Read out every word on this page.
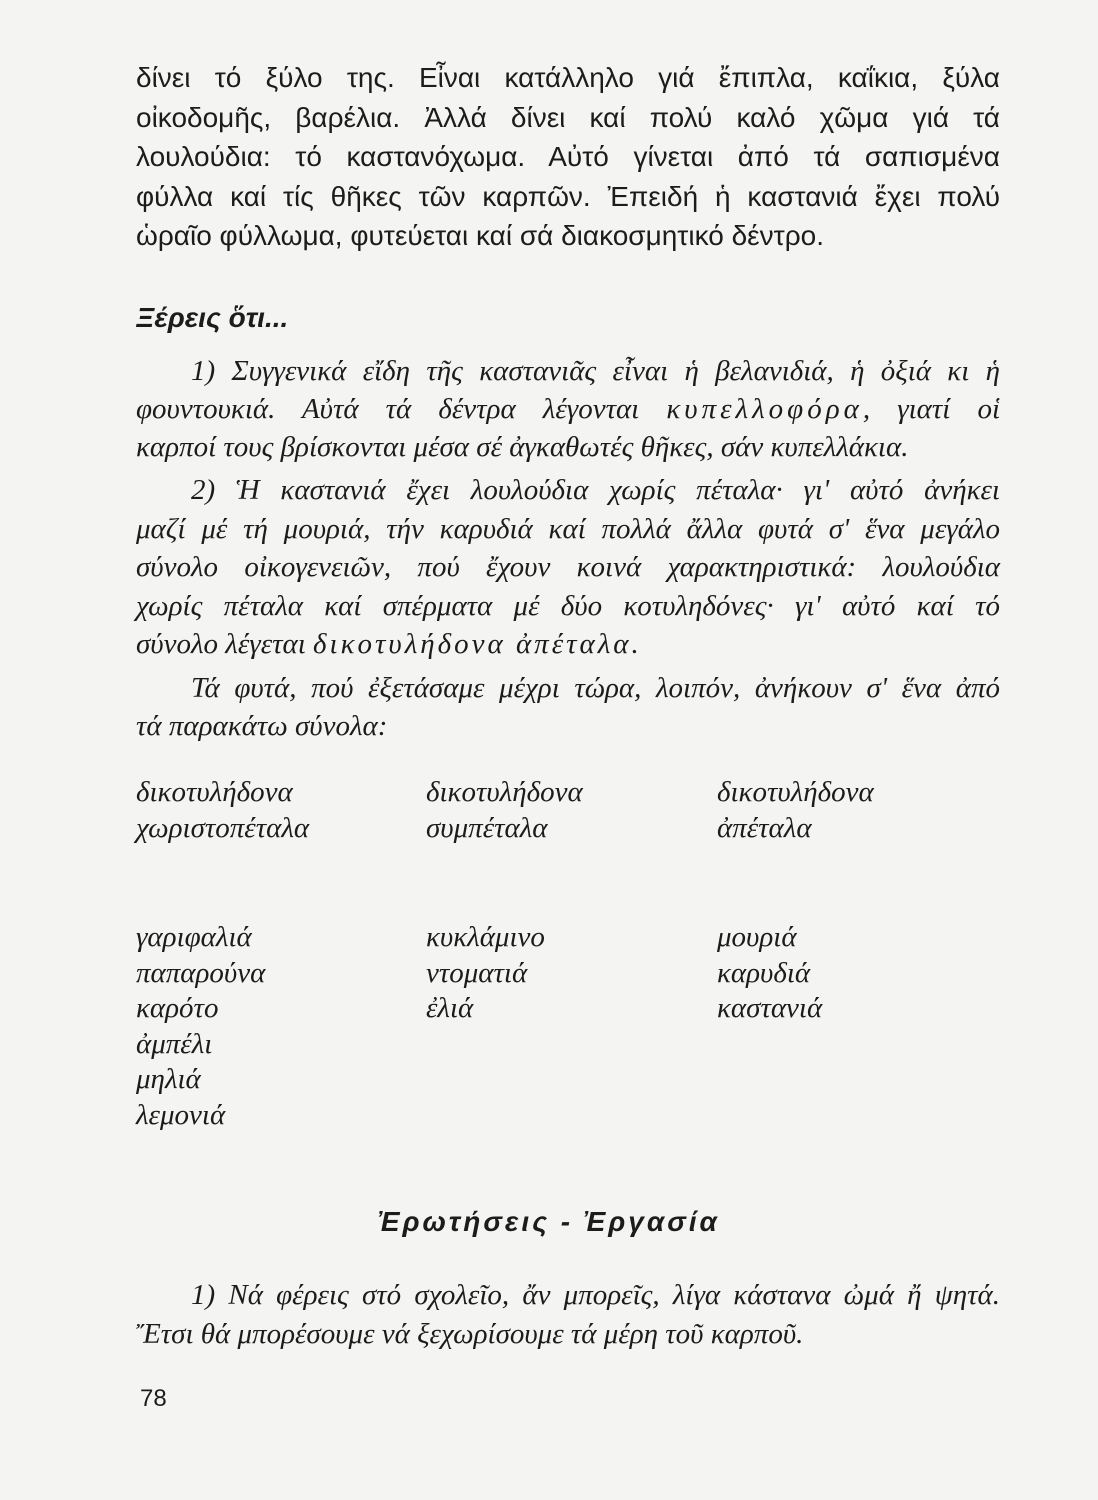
δίνει τό ξύλο της. Εἶναι κατάλληλο γιά ἔπιπλα, καΐκια, ξύλα
οἰκοδομῆς, βαρέλια. Ἀλλά δίνει καί πολύ καλό χῶμα γιά τά
λουλούδια: τό καστανόχωμα. Αὐτό γίνεται ἀπό τά σαπισμένα
φύλλα καί τίς θῆκες τῶν καρπῶν. Ἐπειδή ἡ καστανιά ἔχει πολύ
ὡραῖο φύλλωμα, φυτεύεται καί σά διακοσμητικό δέντρο.
Ξέρεις ὅτι...
1) Συγγενικά εἴδη τῆς καστανιᾶς εἶναι ἡ βελανιδιά, ἡ ὀξιά κι ἡ
φουντουκιά. Αὐτά τά δέντρα λέγονται κυπελλοφόρα, γιατί οἱ
καρποί τους βρίσκονται μέσα σέ ἀγκαθωτές θῆκες, σάν κυπελλάκια.
2) Ἡ καστανιά ἔχει λουλούδια χωρίς πέταλα· γι' αὐτό ἀνήκει
μαζί μέ τή μουριά, τήν καρυδιά καί πολλά ἄλλα φυτά σ' ἕνα μεγάλο
σύνολο οἰκογενειῶν, πού ἔχουν κοινά χαρακτηριστικά: λουλούδια
χωρίς πέταλα καί σπέρματα μέ δύο κοτυληδόνες· γι' αὐτό καί τό
σύνολο λέγεται δικοτυλήδονα ἀπέταλα.
Τά φυτά, πού ἐξετάσαμε μέχρι τώρα, λοιπόν, ἀνήκουν σ' ἕνα ἀπό
τά παρακάτω σύνολα:
δικοτυλήδονα
χωριστοπέταλα
δικοτυλήδονα
συμπέταλα
δικοτυλήδονα
ἀπέταλα
γαριφαλιά
παπαρούνα
καρότο
ἀμπέλι
μηλιά
λεμονιά
κυκλάμινο
ντοματιά
ἐλιά
μουριά
καρυδιά
καστανιά
Ἐρωτήσεις - Ἐργασία
1) Νά φέρεις στό σχολεῖο, ἄν μπορεῖς, λίγα κάστανα ὠμά ἤ ψητά.
Ἔτσι θά μπορέσουμε νά ξεχωρίσουμε τά μέρη τοῦ καρποῦ.
78
